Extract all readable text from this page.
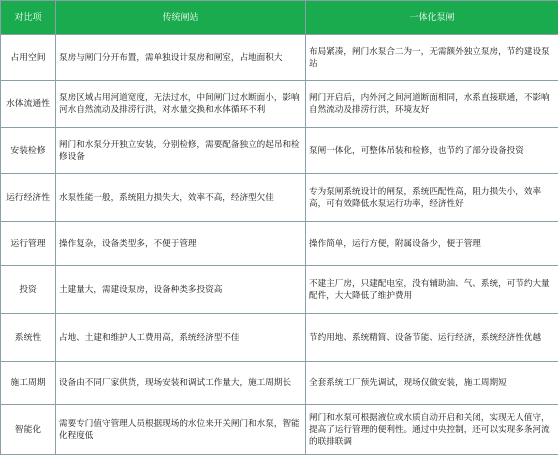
对比项	传统闸站	一体化泵闸
占用空间	泵房与闸门分开布置，需单独设计泵房和闸室，占地面积大	布局紧凑，闸门水泵合二为一，无需额外独立泵房，节约建设泵站
水体流通性	泵房区域占用河道宽度，无法过水，中间闸门过水断面小，影响河水自然流动及排涝行洪，对水量交换和水体循环不利	闸门开启后，内外河之间河道断面相同，水系直接联通，不影响自然流动及排涝行洪，环境友好
安装检修	闸门和水泵分开独立安装，分别检修，需要配备独立的起吊和检修设备	泵闸一体化，可整体吊装和检修，也节约了部分设备投资
运行经济性	水泵性能一般，系统阻力损失大，效率不高，经济型欠佳	专为泵闸系统设计的闸泵，系统匹配性高，阻力损失小，效率高，可有效降低水泵运行功率，经济性好
运行管理	操作复杂，设备类型多，不便于管理	操作简单，运行方便，附属设备少，便于管理
投资	土建量大，需建设泵房，设备种类多投资高	不建主厂房，只建配电室，没有辅助油、气、系统，可节约大量配件，大大降低了维护费用
系统性	占地、土建和维护人工费用高，系统经济型不佳	节约用地、系统精简、设备节能、运行经济，系统经济性优越
施工周期	设备由不同厂家供货，现场安装和调试工作量大，施工周期长	全套系统工厂预先调试，现场仅做安装，施工周期短
智能化	需要专门值守管理人员根据现场的水位来开关闸门和水泵，智能化程度低	闸门和水泵可根据液位或水质自动开启和关闭，实现无人值守，提高了运行管理的便利性。通过中央控制，还可以实现多条河流的联排联调
